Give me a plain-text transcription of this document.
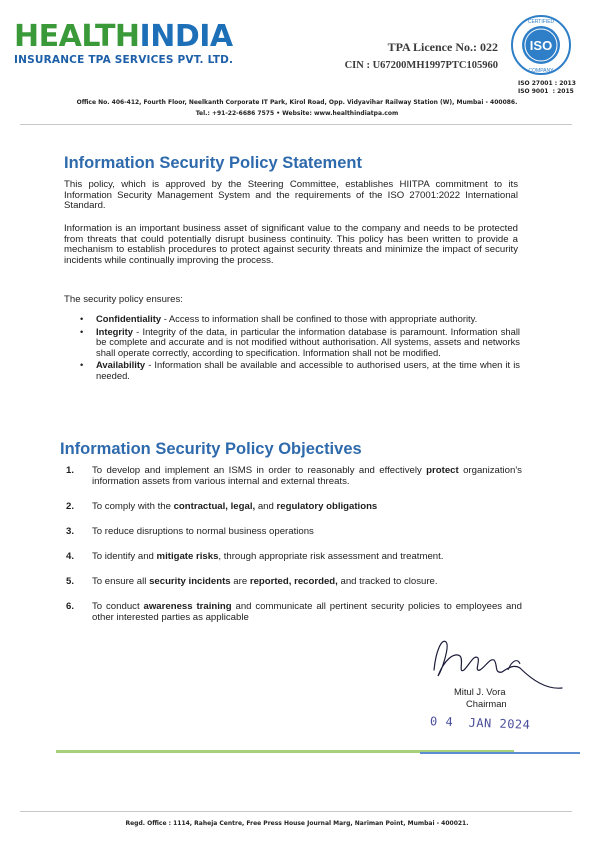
HEALTHINDIA
INSURANCE TPA SERVICES PVT. LTD.
TPA Licence No.: 022
CIN : U67200MH1997PTC105960
ISO
CERTIFIED
COMPANY
ISO 27001 : 2013
ISO 9001  : 2015
Office No. 406-412, Fourth Floor, Neelkanth Corporate IT Park, Kirol Road, Opp. Vidyavihar Railway Station (W), Mumbai - 400086.
Tel.: +91-22-6686 7575 • Website: www.healthindiatpa.com
Information Security Policy Statement
This policy, which is approved by the Steering Committee, establishes HIITPA commitment to its Information Security Management System and the requirements of the ISO 27001:2022 International Standard.
Information is an important business asset of significant value to the company and needs to be protected from threats that could potentially disrupt business continuity. This policy has been written to provide a mechanism to establish procedures to protect against security threats and minimize the impact of security incidents while continually improving the process.
The security policy ensures:
• Confidentiality - Access to information shall be confined to those with appropriate authority.
• Integrity - Integrity of the data, in particular the information database is paramount. Information shall be complete and accurate and is not modified without authorisation. All systems, assets and networks shall operate correctly, according to specification. Information shall not be modified.
• Availability - Information shall be available and accessible to authorised users, at the time when it is needed.
Information Security Policy Objectives
1.	To develop and implement an ISMS in order to reasonably and effectively protect organization's information assets from various internal and external threats.
2.	To comply with the contractual, legal, and regulatory obligations
3.	To reduce disruptions to normal business operations
4.	To identify and mitigate risks, through appropriate risk assessment and treatment.
5.	To ensure all security incidents are reported, recorded, and tracked to closure.
6.	To conduct awareness training and communicate all pertinent security policies to employees and other interested parties as applicable
Mitul J. Vora
Chairman
0 4  JAN 2024
Regd. Office : 1114, Raheja Centre, Free Press House Journal Marg, Nariman Point, Mumbai - 400021.
